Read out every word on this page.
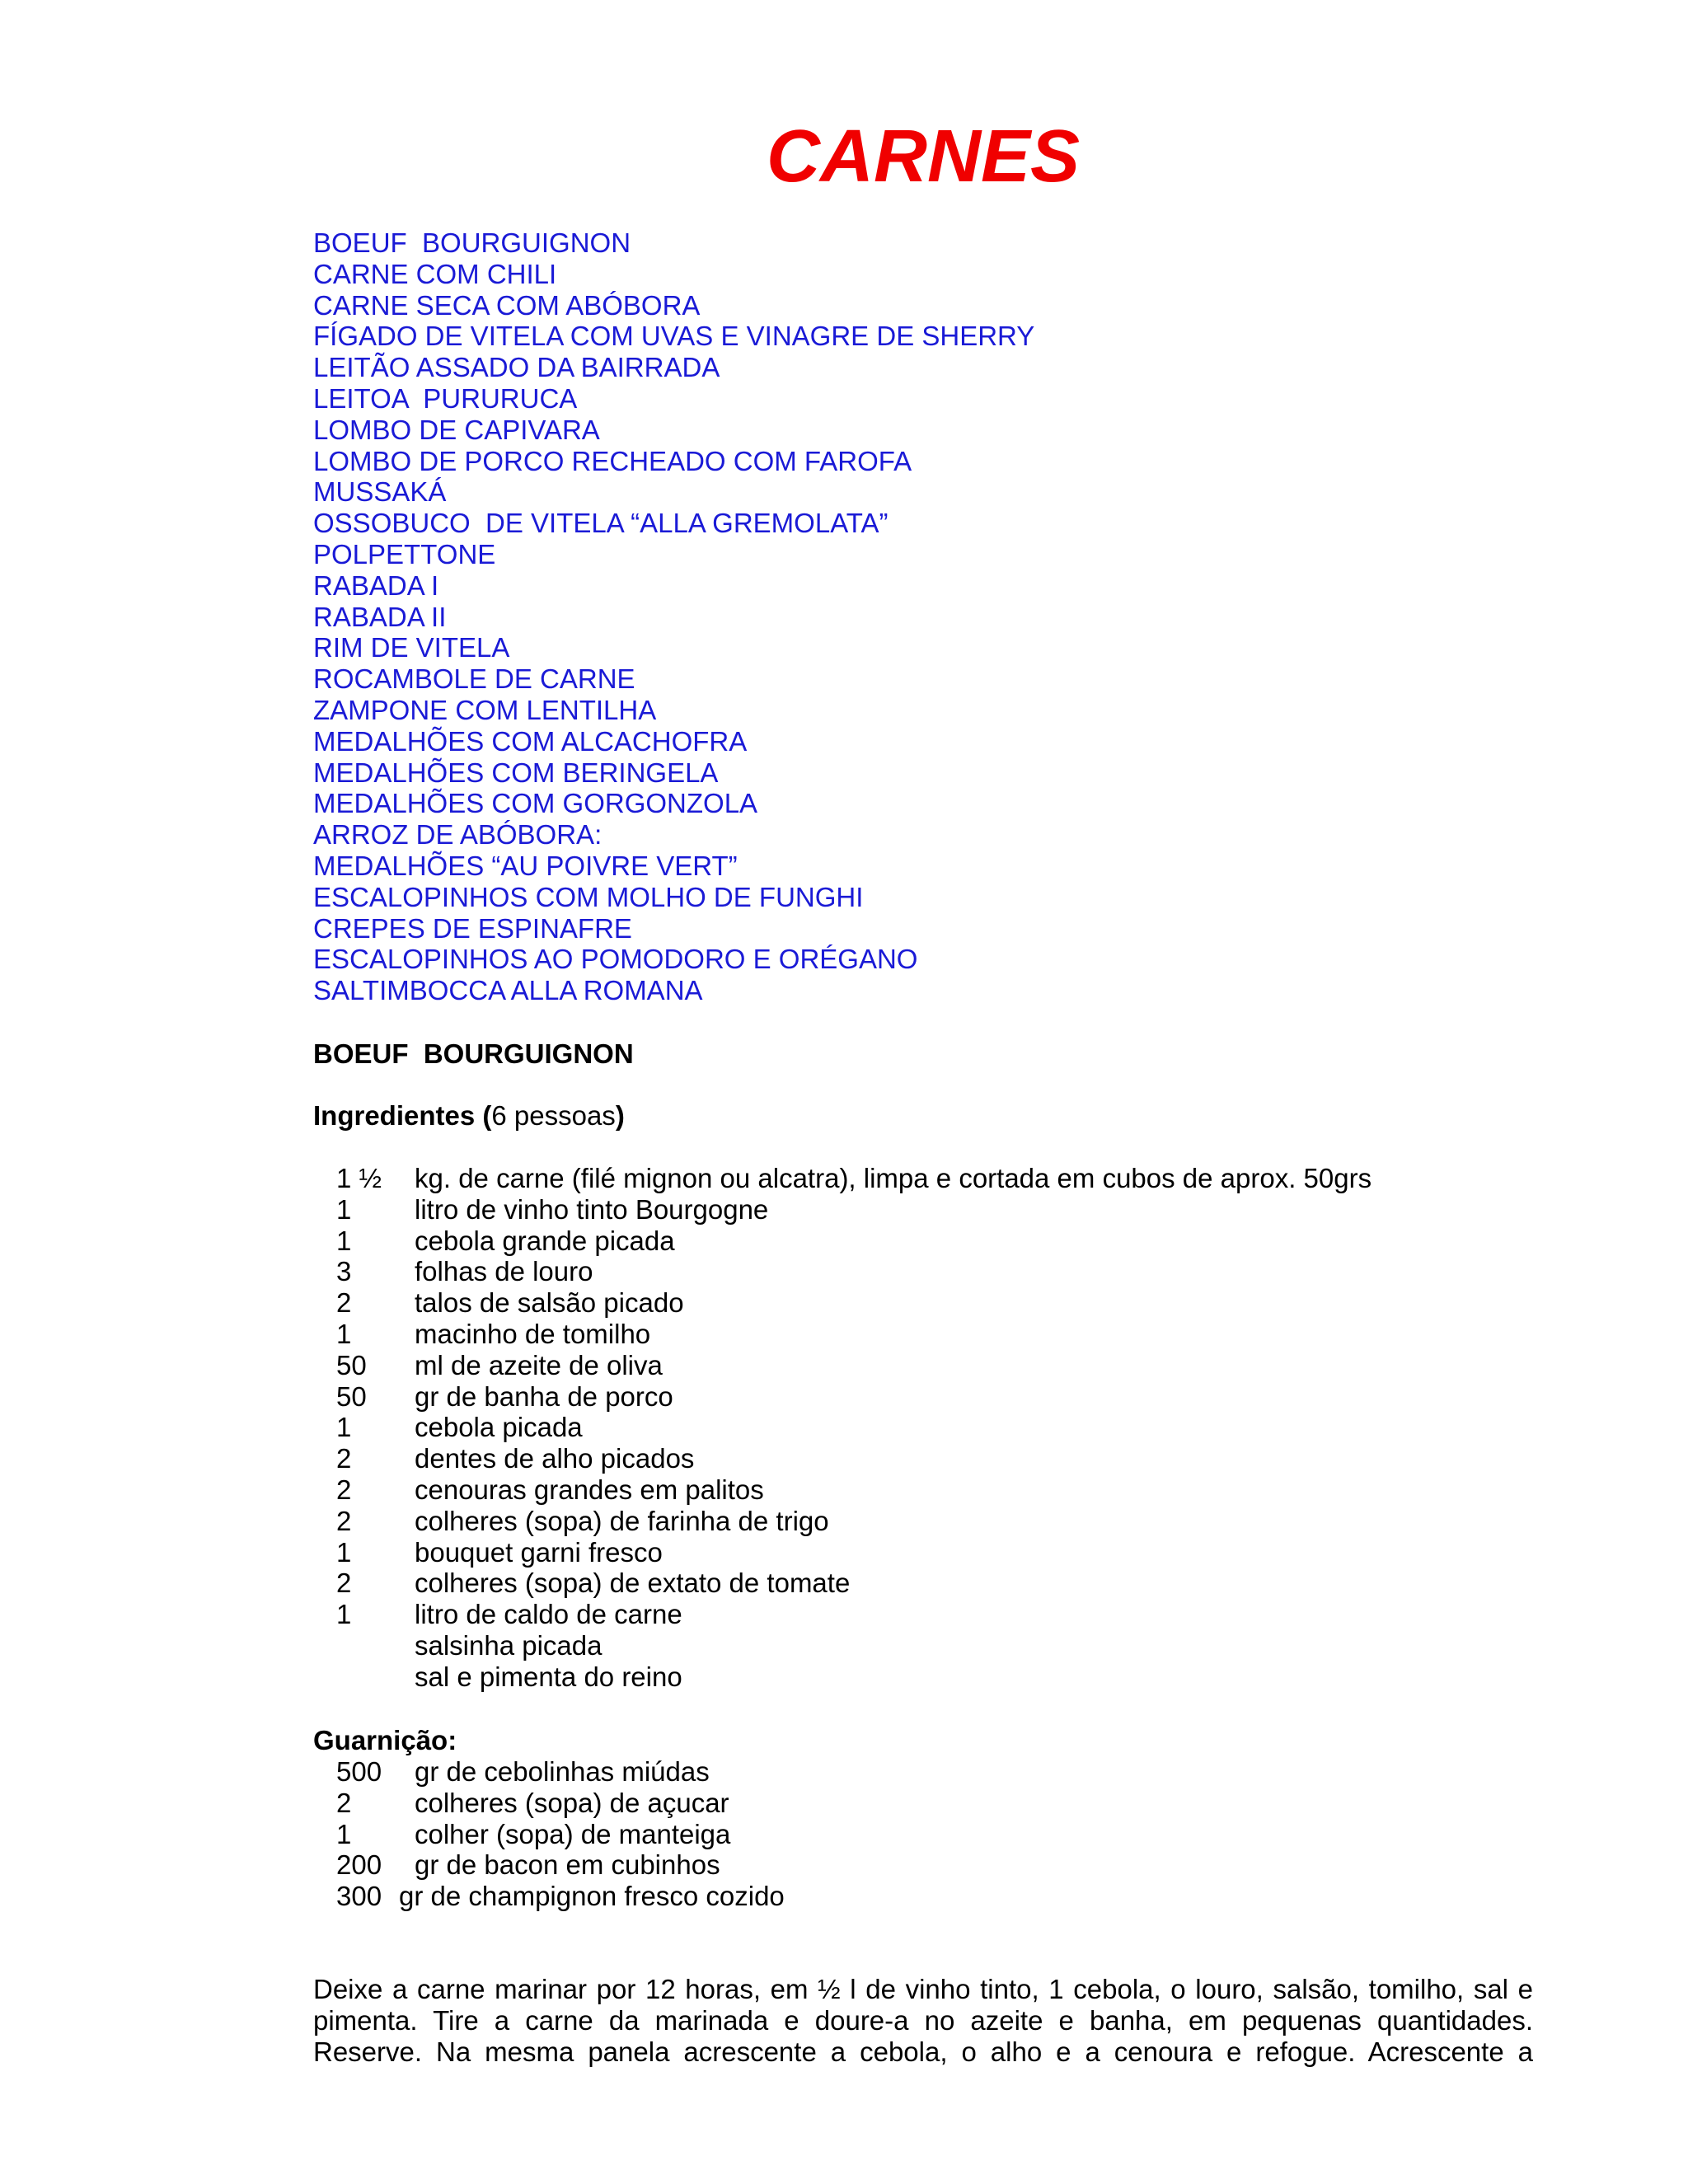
CARNES
BOEUF  BOURGUIGNON
CARNE COM CHILI
CARNE SECA COM ABÓBORA
FÍGADO DE VITELA COM UVAS E VINAGRE DE SHERRY
LEITÃO ASSADO DA BAIRRADA
LEITOA  PURURUCA
LOMBO DE CAPIVARA
LOMBO DE PORCO RECHEADO COM FAROFA
MUSSAKÁ
OSSOBUCO  DE VITELA “ALLA GREMOLATA”
POLPETTONE
RABADA I
RABADA II
RIM DE VITELA
ROCAMBOLE DE CARNE
ZAMPONE COM LENTILHA
MEDALHÕES COM ALCACHOFRA
MEDALHÕES COM BERINGELA
MEDALHÕES COM GORGONZOLA
ARROZ DE ABÓBORA:
MEDALHÕES “AU POIVRE VERT”
ESCALOPINHOS COM MOLHO DE FUNGHI
CREPES DE ESPINAFRE
ESCALOPINHOS AO POMODORO E ORÉGANO
SALTIMBOCCA ALLA ROMANA
BOEUF  BOURGUIGNON
Ingredientes (6 pessoas)
1 ½	kg. de carne (filé mignon ou alcatra), limpa e cortada em cubos de aprox. 50grs
1	litro de vinho tinto Bourgogne
1	cebola grande picada
3	folhas de louro
2	talos de salsão picado
1	macinho de tomilho
50	ml de azeite de oliva
50	gr de banha de porco
1	cebola picada
2	dentes de alho picados
2	cenouras grandes em palitos
2	colheres (sopa) de farinha de trigo
1	bouquet garni fresco
2	colheres (sopa) de extato de tomate
1	litro de caldo de carne
salsinha picada
sal e pimenta do reino
Guarnição:
500	gr de cebolinhas miúdas
2	colheres (sopa) de açucar
1	colher (sopa) de manteiga
200	gr de bacon em cubinhos
300 gr de champignon fresco cozido

Deixe a carne marinar por 12 horas, em ½ l de vinho tinto, 1 cebola, o louro, salsão, tomilho, sal e pimenta. Tire a carne da marinada e doure-a no azeite e banha, em pequenas quantidades. Reserve. Na mesma panela acrescente a cebola, o alho e a cenoura e refogue. Acrescente a
